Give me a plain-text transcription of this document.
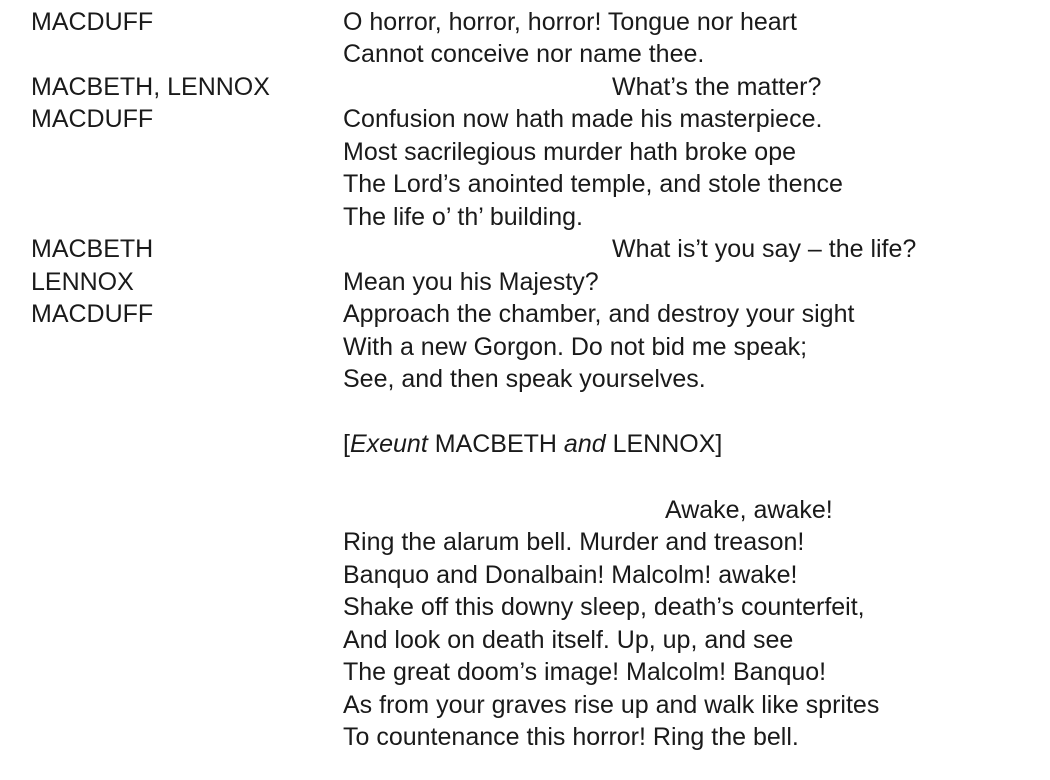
MACDUFF	O horror, horror, horror! Tongue nor heart
Cannot conceive nor name thee.
MACBETH, LENNOX	What’s the matter?
MACDUFF	Confusion now hath made his masterpiece.
Most sacrilegious murder hath broke ope
The Lord’s anointed temple, and stole thence
The life o’ th’ building.
MACBETH	What is’t you say – the life?
LENNOX	Mean you his Majesty?
MACDUFF	Approach the chamber, and destroy your sight
With a new Gorgon. Do not bid me speak;
See, and then speak yourselves.
[Exeunt MACBETH and LENNOX]
Awake, awake!
Ring the alarum bell. Murder and treason!
Banquo and Donalbain! Malcolm! awake!
Shake off this downy sleep, death’s counterfeit,
And look on death itself. Up, up, and see
The great doom’s image! Malcolm! Banquo!
As from your graves rise up and walk like sprites
To countenance this horror! Ring the bell.
